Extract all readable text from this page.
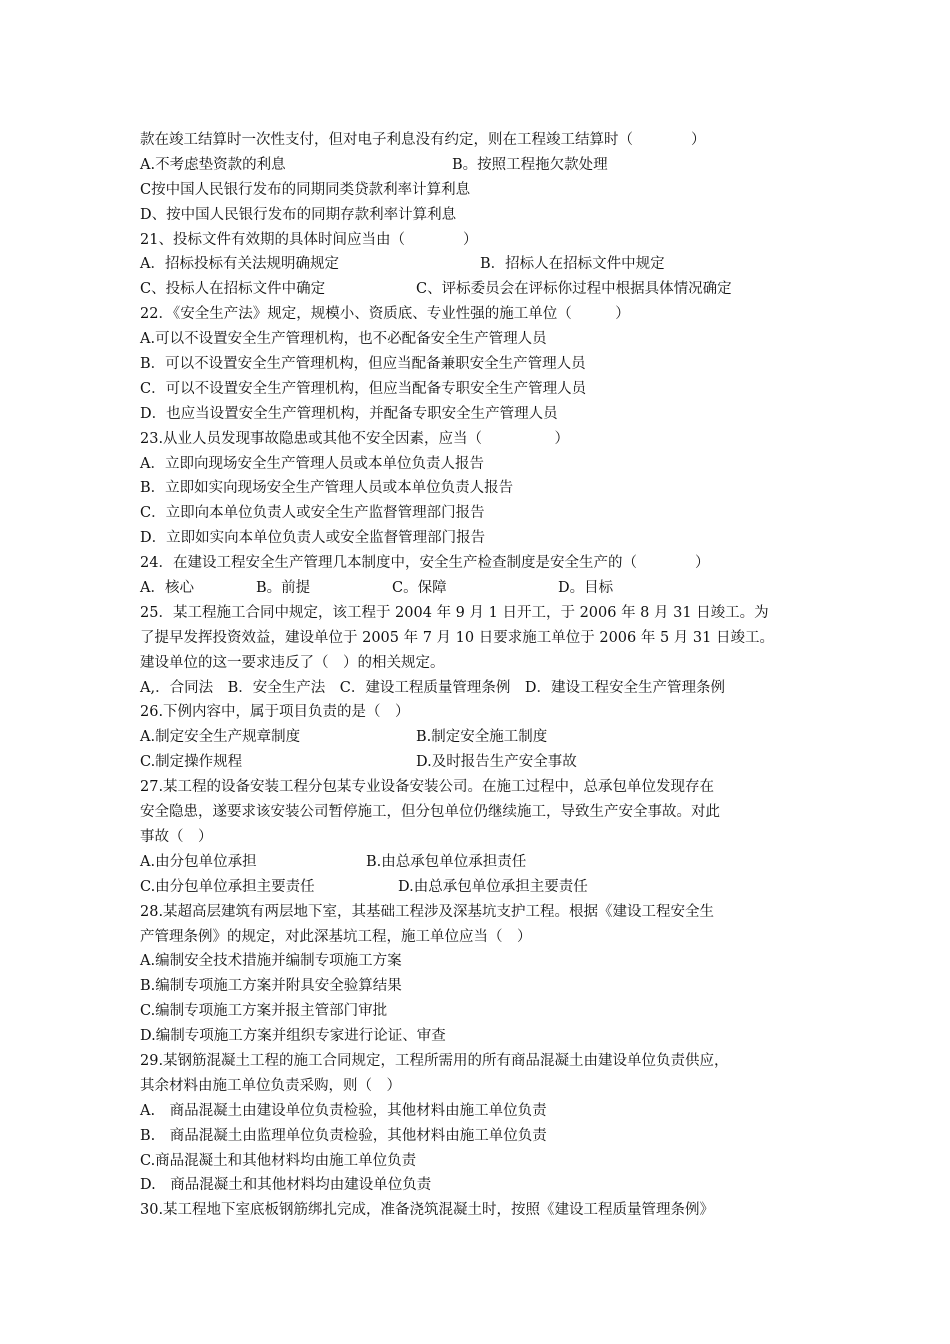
款在竣工结算时一次性支付，但对电子利息没有约定，则在工程竣工结算时（　　　　）
A.不考虑垫资款的利息	B。按照工程拖欠款处理
C按中国人民银行发布的同期同类贷款利率计算利息
D、按中国人民银行发布的同期存款利率计算利息
21、投标文件有效期的具体时间应当由（　　　　）
A．招标投标有关法规明确规定	B．招标人在招标文件中规定
C、投标人在招标文件中确定	C、评标委员会在评标你过程中根据具体情况确定
22．《安全生产法》规定，规模小、资质底、专业性强的施工单位（　　　）
A.可以不设置安全生产管理机构，也不必配备安全生产管理人员
B．可以不设置安全生产管理机构，但应当配备兼职安全生产管理人员
C．可以不设置安全生产管理机构，但应当配备专职安全生产管理人员
D．也应当设置安全生产管理机构，并配备专职安全生产管理人员
23.从业人员发现事故隐患或其他不安全因素，应当（　　　　　）
A．立即向现场安全生产管理人员或本单位负责人报告
B．立即如实向现场安全生产管理人员或本单位负责人报告
C．立即向本单位负责人或安全生产监督管理部门报告
D．立即如实向本单位负责人或安全监督管理部门报告
24．在建设工程安全生产管理几本制度中，安全生产检查制度是安全生产的（　　　　）
A．核心	B。前提	C。保障	D。目标
25．某工程施工合同中规定，该工程于 2004 年 9 月 1 日开工，于 2006 年 8 月 31 日竣工。为
了提早发挥投资效益，建设单位于 2005 年 7 月 10 日要求施工单位于 2006 年 5 月 31 日竣工。
建设单位的这一要求违反了（　）的相关规定。
A,．合同法　B．安全生产法　C．建设工程质量管理条例　D．建设工程安全生产管理条例
26.下例内容中，属于项目负责的是（　）
A.制定安全生产规章制度	B.制定安全施工制度
C.制定操作规程	D.及时报告生产安全事故
27.某工程的设备安装工程分包某专业设备安装公司。在施工过程中，总承包单位发现存在
安全隐患，遂要求该安装公司暂停施工，但分包单位仍继续施工，导致生产安全事故。对此
事故（　）
A.由分包单位承担	B.由总承包单位承担责任
C.由分包单位承担主要责任	D.由总承包单位承担主要责任
28.某超高层建筑有两层地下室，其基础工程涉及深基坑支护工程。根据《建设工程安全生
产管理条例》的规定，对此深基坑工程，施工单位应当（　）
A.编制安全技术措施并编制专项施工方案
B.编制专项施工方案并附具安全验算结果
C.编制专项施工方案并报主管部门审批
D.编制专项施工方案并组织专家进行论证、审查
29.某钢筋混凝土工程的施工合同规定，工程所需用的所有商品混凝土由建设单位负责供应，
其余材料由施工单位负责采购，则（　）
A.　商品混凝土由建设单位负责检验，其他材料由施工单位负责
B.　商品混凝土由监理单位负责检验，其他材料由施工单位负责
C.商品混凝土和其他材料均由施工单位负责
D.　商品混凝土和其他材料均由建设单位负责
30.某工程地下室底板钢筋绑扎完成，准备浇筑混凝土时，按照《建设工程质量管理条例》
